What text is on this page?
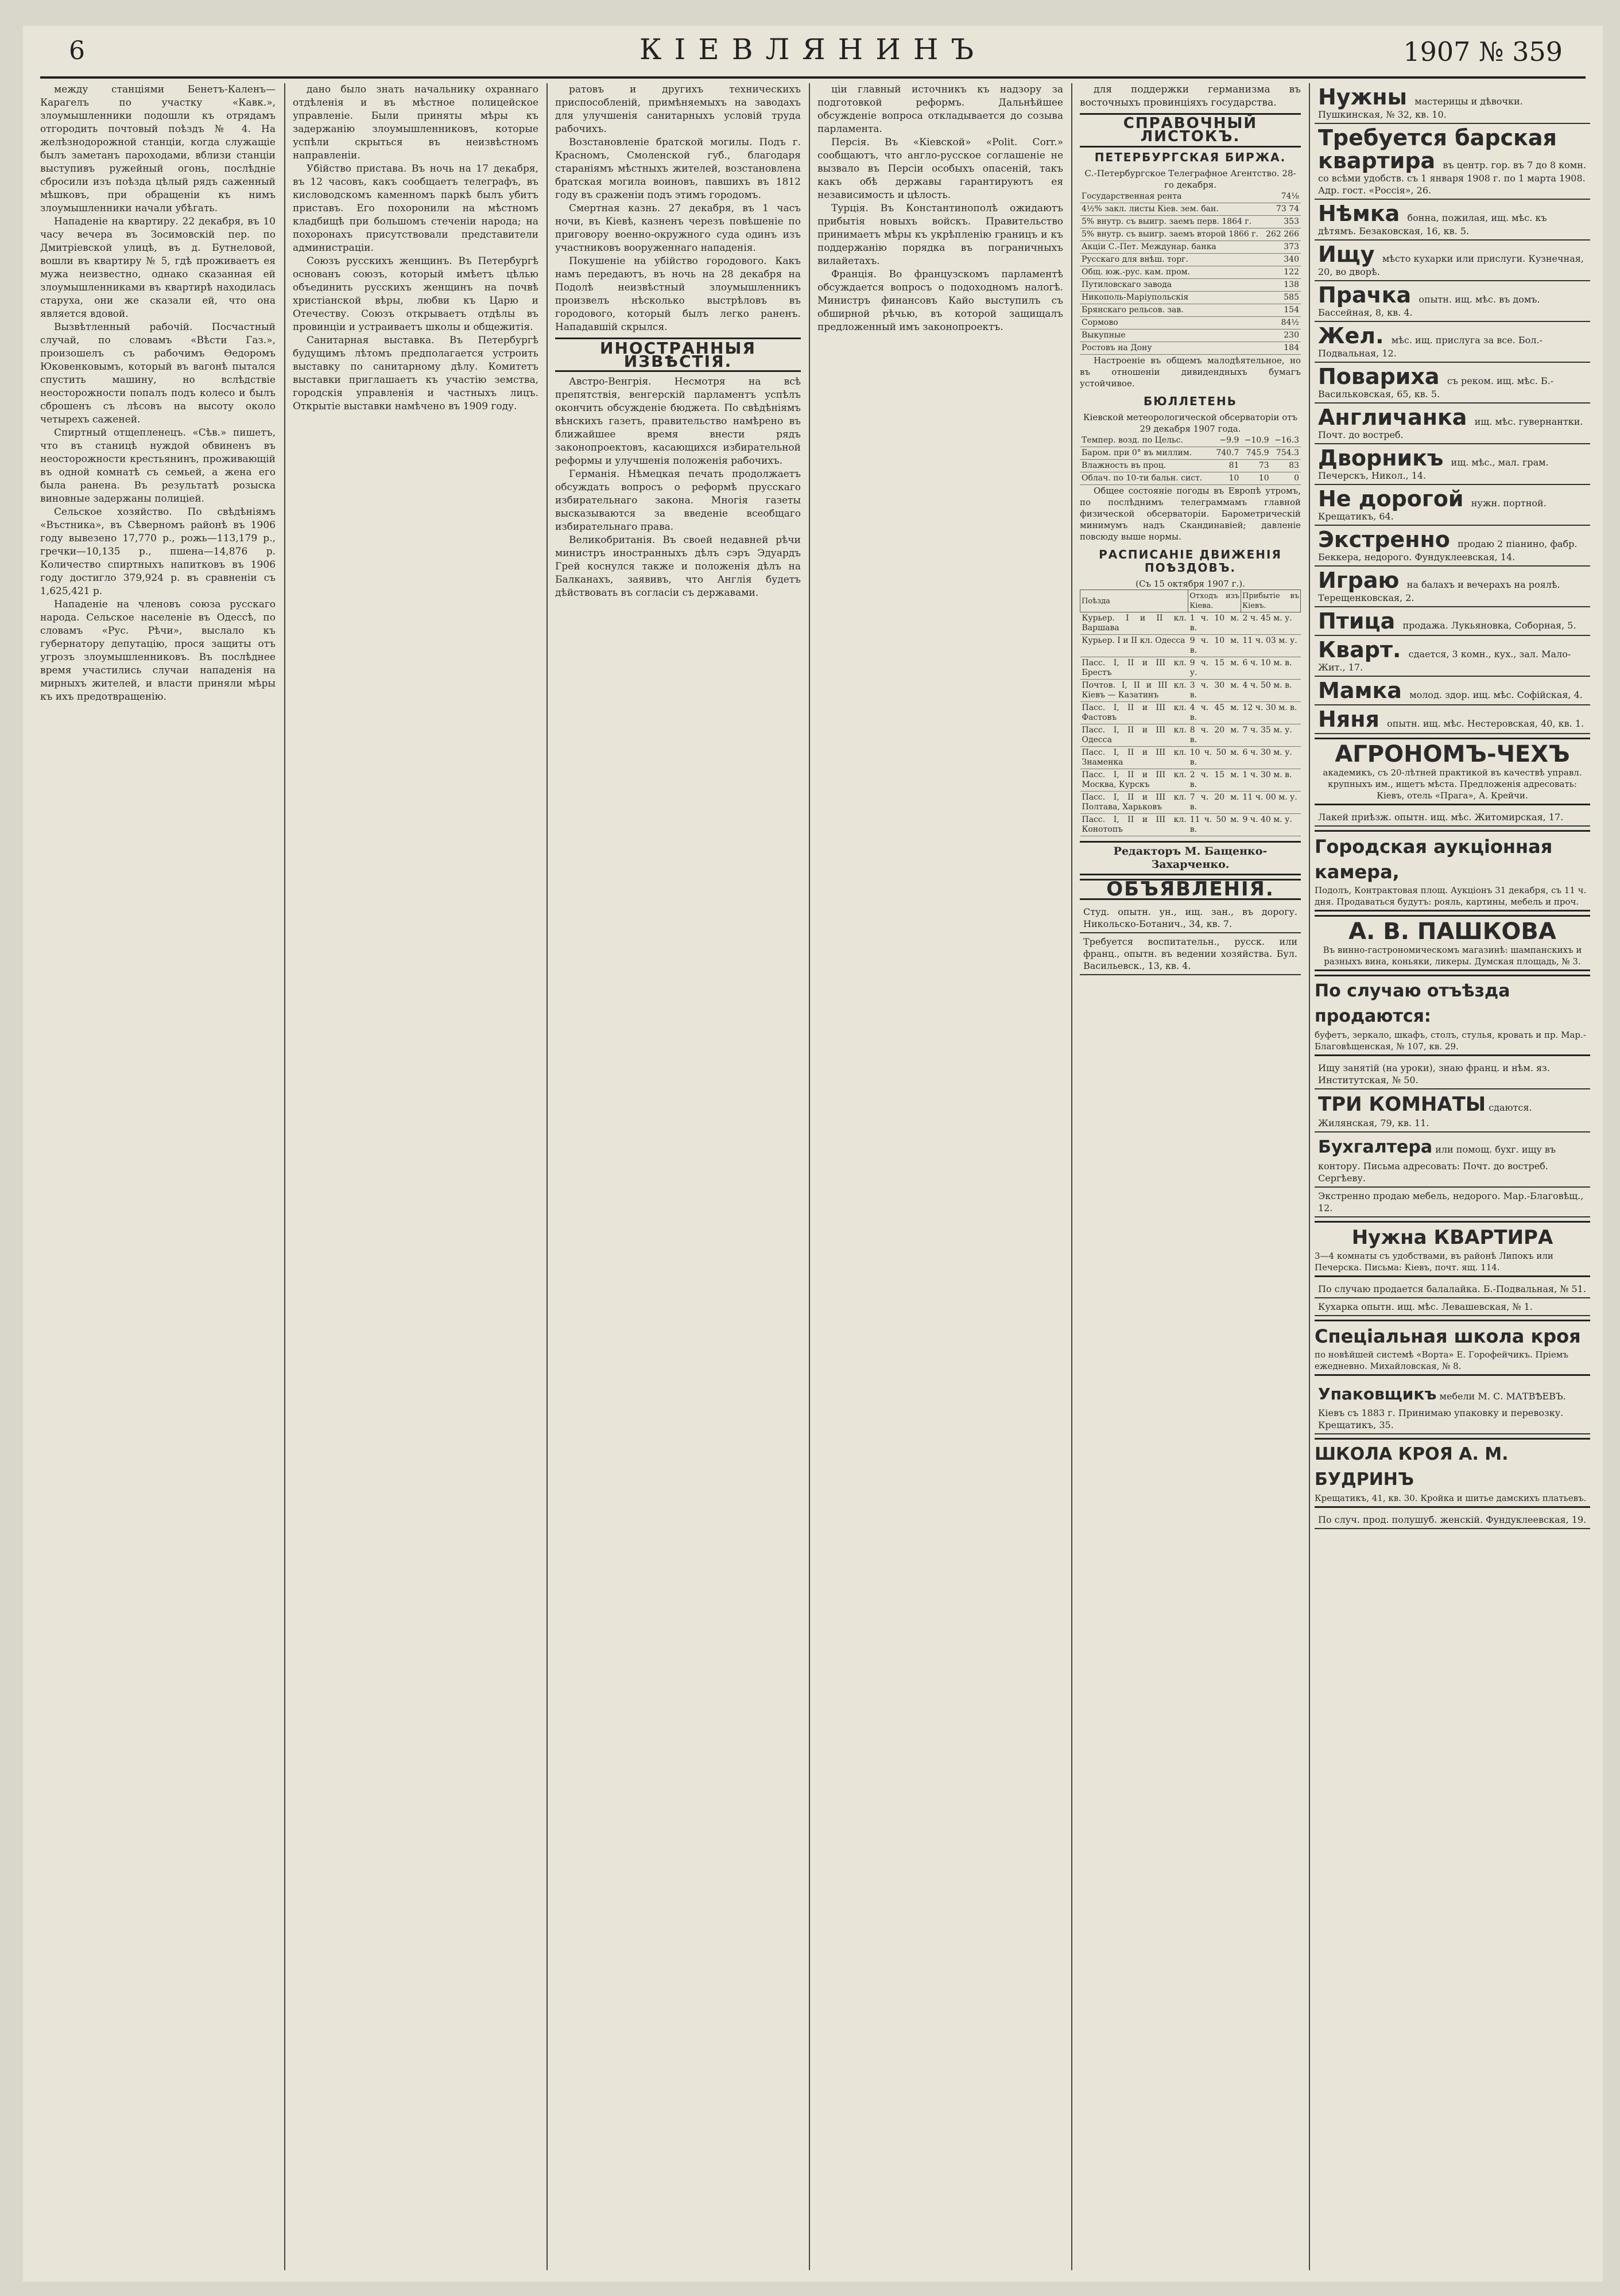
6	КІЕВЛЯНИНЪ	1907 № 359

между станціями Бенетъ-Каленъ—Карагелъ по участку «Кавк.», злоумышленники подошли къ отрядамъ отгородить почтовый поѣздъ № 4. На желѣзнодорожной станціи, когда служащіе былъ заметанъ пароходами, вблизи станціи выступивъ ружейный огонь, послѣдніе сбросили изъ поѣзда цѣлый рядъ саженный мѣшковъ, при обращеніи къ нимъ злоумышленники начали убѣгать.

Нападеніе на квартиру. 22 декабря, въ 10 часу вечера въ Зосимовскій пер. по Дмитріевской улицѣ, въ д. Бутнеловой, вошли въ квартиру № 5, гдѣ проживаетъ ея мужа неизвестно, однако сказанная ей злоумышленниками въ квартирѣ находилась старуха, они же сказали ей, что она является вдовой.

Вызвѣтленный рабочій. Посчастный случай, по словамъ «Вѣсти Газ.», произошелъ съ рабочимъ Ѳедоромъ Юковенковымъ, который въ вагонѣ пытался спустить машину, но вслѣдствіе неосторожности попалъ подъ колесо и былъ сброшенъ съ лѣсовъ на высоту около четырехъ саженей.

Спиртный отщепленецъ. «Сѣв.» пишетъ, что въ станицѣ нуждой обвиненъ въ неосторожности крестьянинъ, проживающій въ одной комнатѣ съ семьей, а жена его была ранена. Въ результатѣ розыска виновные задержаны полиціей.

Сельское хозяйство. По свѣдѣніямъ «Въстника», въ Сѣверномъ районѣ въ 1906 году вывезено 17,770 р., рожь—113,179 р., гречки—10,135 р., пшена—14,876 р. Количество спиртныхъ напитковъ въ 1906 году достигло 379,924 р. въ сравненіи съ 1,625,421 р.

Нападеніе на членовъ союза русскаго народа. Сельское населеніе въ Одессѣ, по словамъ «Рус. Рѣчи», выслало къ губернатору депутацію, прося защиты отъ угрозъ злоумышленниковъ. Въ послѣднее время участились случаи нападенія на мирныхъ жителей, и власти приняли мѣры къ ихъ предотвращенію.

дано было знать начальнику охраннаго отдѣленія и въ мѣстное полицейское управленіе. Были приняты мѣры къ задержанію злоумышленниковъ, которые успѣли скрыться въ неизвѣстномъ направленіи.

Убійство пристава. Въ ночь на 17 декабря, въ 12 часовъ, какъ сообщаетъ телеграфъ, въ кисловодскомъ каменномъ паркѣ былъ убитъ приставъ. Его похоронили на мѣстномъ кладбищѣ при большомъ стеченіи народа; на похоронахъ присутствовали представители администраціи.

Союзъ русскихъ женщинъ. Въ Петербургѣ основанъ союзъ, который имѣетъ цѣлью объединить русскихъ женщинъ на почвѣ христіанской вѣры, любви къ Царю и Отечеству. Союзъ открываетъ отдѣлы въ провинціи и устраиваетъ школы и общежитія.

Санитарная выставка. Въ Петербургѣ будущимъ лѣтомъ предполагается устроить выставку по санитарному дѣлу. Комитетъ выставки приглашаетъ къ участію земства, городскія управленія и частныхъ лицъ. Открытіе выставки намѣчено въ 1909 году.

ратовъ и другихъ техническихъ приспособленій, примѣняемыхъ на заводахъ для улучшенія санитарныхъ условій труда рабочихъ.

Возстановленіе братской могилы. Подъ г. Красномъ, Смоленской губ., благодаря стараніямъ мѣстныхъ жителей, возстановлена братская могила воиновъ, павшихъ въ 1812 году въ сраженіи подъ этимъ городомъ.

Смертная казнь. 27 декабря, въ 1 часъ ночи, въ Кіевѣ, казненъ черезъ повѣшеніе по приговору военно-окружного суда одинъ изъ участниковъ вооруженнаго нападенія.

Покушеніе на убійство городового. Какъ намъ передаютъ, въ ночь на 28 декабря на Подолѣ неизвѣстный злоумышленникъ произвелъ нѣсколько выстрѣловъ въ городового, который былъ легко раненъ. Нападавшій скрылся.

ИНОСТРАННЫЯ ИЗВѢСТІЯ.

Австро-Венгрія. Несмотря на всѣ препятствія, венгерскій парламентъ успѣлъ окончить обсужденіе бюджета. По свѣдѣніямъ вѣнскихъ газетъ, правительство намѣрено въ ближайшее время внести рядъ законопроектовъ, касающихся избирательной реформы и улучшенія положенія рабочихъ.

Германія. Нѣмецкая печать продолжаетъ обсуждать вопросъ о реформѣ прусскаго избирательнаго закона. Многія газеты высказываются за введеніе всеобщаго избирательнаго права.

Великобританія. Въ своей недавней рѣчи министръ иностранныхъ дѣлъ сэръ Эдуардъ Грей коснулся также и положенія дѣлъ на Балканахъ, заявивъ, что Англія будетъ дѣйствовать въ согласіи съ державами.

ціи главный источникъ къ надзору за подготовкой реформъ. Дальнѣйшее обсужденіе вопроса откладывается до созыва парламента.

Персія. Въ «Кіевской» «Polit. Corr.» сообщаютъ, что англо-русское соглашеніе не вызвало въ Персіи особыхъ опасеній, такъ какъ обѣ державы гарантируютъ ея независимость и цѣлость.

Турція. Въ Константинополѣ ожидаютъ прибытія новыхъ войскъ. Правительство принимаетъ мѣры къ укрѣпленію границъ и къ поддержанію порядка въ пограничныхъ вилайетахъ.

Франція. Во французскомъ парламентѣ обсуждается вопросъ о подоходномъ налогѣ. Министръ финансовъ Кайо выступилъ съ обширной рѣчью, въ которой защищалъ предложенный имъ законопроектъ.

для поддержки германизма въ восточныхъ провинціяхъ государства.

СПРАВОЧНЫЙ ЛИСТОКЪ.
ПЕТЕРБУРГСКАЯ БИРЖА.
С.-Петербургское Телеграфное Агентство. 28-го декабря.
Государственная рента	74⅛
4½% закл. листы Кіев. зем. бан.	73 74
5% внутр. съ выигр. заемъ перв. 1864 г.	353
5% внутр. съ выигр. заемъ второй 1866 г.	262 266
Акціи С.-Пет. Междунар. банка	373
Русскаго для внѣш. торг.	340
Общ. юж.-рус. кам. пром.	122
Путиловскаго завода	138
Никополь-Маріупольскія	585
Брянскаго рельсов. зав.	154
Сормово	84½
Выкупные	230
Ростовъ на Дону	184

Настроеніе въ общемъ малодѣятельное, но въ отношеніи дивидендныхъ бумагъ устойчивое.

БЮЛЛЕТЕНЬ
Кіевской метеорологической обсерваторіи отъ 29 декабря 1907 года.
Темпер. возд. по Цельс.	−9.9	−10.9	−16.3
Баром. при 0° въ миллим.	740.7	745.9	754.3
Влажность въ проц.	81	73	83
Облач. по 10-ти бальн. сист.	10	10	0

Общее состояніе погоды въ Европѣ утромъ, по послѣднимъ телеграммамъ главной физической обсерваторіи. Барометрическій минимумъ надъ Скандинавіей; давленіе повсюду выше нормы.

РАСПИСАНІЕ ДВИЖЕНІЯ ПОѢЗДОВЪ.
(Съ 15 октября 1907 г.).
Поѣзда	Отходъ изъ Кіева.	Прибытіе въ Кіевъ.
Курьер. I и II кл. Варшава	1 ч. 10 м. в.	2 ч. 45 м. у.
Курьер. I и II кл. Одесса	9 ч. 10 м. в.	11 ч. 03 м. у.
Пасс. I, II и III кл. Брестъ	9 ч. 15 м. у.	6 ч. 10 м. в.
Почтов. I, II и III кл. Кіевъ — Казатинъ	3 ч. 30 м. в.	4 ч. 50 м. в.
Пасс. I, II и III кл. Фастовъ	4 ч. 45 м. в.	12 ч. 30 м. в.
Пасс. I, II и III кл. Одесса	8 ч. 20 м. в.	7 ч. 35 м. у.
Пасс. I, II и III кл. Знаменка	10 ч. 50 м. в.	6 ч. 30 м. у.
Пасс. I, II и III кл. Москва, Курскъ	2 ч. 15 м. в.	1 ч. 30 м. в.
Пасс. I, II и III кл. Полтава, Харьковъ	7 ч. 20 м. в.	11 ч. 00 м. у.
Пасс. I, II и III кл. Конотопъ	11 ч. 50 м. в.	9 ч. 40 м. у.
Редакторъ М. Бащенко-Захарченко.
ОБЪЯВЛЕНІЯ.
Студ. опытн. ун., ищ. зан., въ дорогу. Никольско-Ботанич., 34, кв. 7.
Требуется воспитательн., русск. или франц., опытн. въ ведении хозяйства. Бул. Васильевск., 13, кв. 4.
Нужны мастерицы и дѣвочки. Пушкинская, № 32, кв. 10.
Требуется барская квартира въ центр. гор. въ 7 до 8 комн. со всѣми удобств. съ 1 января 1908 г. по 1 марта 1908. Адр. гост. «Россія», 26.
Нѣмка бонна, пожилая, ищ. мѣс. къ дѣтямъ. Безаковская, 16, кв. 5.
Ищу мѣсто кухарки или прислуги. Кузнечная, 20, во дворѣ.
Прачка опытн. ищ. мѣс. въ домъ. Бассейная, 8, кв. 4.
Жел. мѣс. ищ. прислуга за все. Бол.-Подвальная, 12.
Повариха съ реком. ищ. мѣс. Б.-Васильковская, 65, кв. 5.
Англичанка ищ. мѣс. гувернантки. Почт. до востреб.
Дворникъ ищ. мѣс., мал. грам. Печерскъ, Никол., 14.
Не дорогой нужн. портной. Крещатикъ, 64.
Экстренно продаю 2 піанино, фабр. Беккера, недорого. Фундуклеевская, 14.
Играю на балахъ и вечерахъ на роялѣ. Терещенковская, 2.
Птица продажа. Лукьяновка, Соборная, 5.
Кварт. сдается, 3 комн., кух., зал. Мало-Жит., 17.
Мамка молод. здор. ищ. мѣс. Софійская, 4.
Няня опытн. ищ. мѣс. Нестеровская, 40, кв. 1.
АГРОНОМЪ-ЧЕХЪ
академикъ, съ 20-лѣтней практикой въ качествѣ управл. крупныхъ им., ищетъ мѣста. Предложенія адресовать: Кіевъ, отель «Прага», А. Крейчи.
Лакей приѣзж. опытн. ищ. мѣс. Житомирская, 17.
Городская аукціонная камера,
Подолъ, Контрактовая площ. Аукціонъ 31 декабря, съ 11 ч. дня. Продаваться будутъ: рояль, картины, мебель и проч.
А. В. ПАШКОВА
Въ винно-гастрономическомъ магазинѣ: шампанскихъ и разныхъ вина, коньяки, ликеры. Думская площадь, № 3.
По случаю отъѣзда продаются:
буфетъ, зеркало, шкафъ, столъ, стулья, кровать и пр. Мар.-Благовѣщенская, № 107, кв. 29.
Ищу занятій (на уроки), знаю франц. и нѣм. яз. Институтская, № 50.
ТРИ КОМНАТЫ сдаются. Жилянская, 79, кв. 11.
Бухгалтера или помощ. бухг. ищу въ контору. Письма адресовать: Почт. до востреб. Сергѣеву.
Экстренно продаю мебель, недорого. Мар.-Благовѣщ., 12.
Нужна КВАРТИРА
3—4 комнаты съ удобствами, въ районѣ Липокъ или Печерска. Письма: Кіевъ, почт. ящ. 114.
По случаю продается балалайка. Б.-Подвальная, № 51.
Кухарка опытн. ищ. мѣс. Левашевская, № 1.
Спеціальная школа кроя
по новѣйшей системѣ «Ворта» Е. Горофейчикъ. Пріемъ ежедневно. Михайловская, № 8.
Упаковщикъ мебели М. С. МАТВѢЕВЪ. Кіевъ съ 1883 г. Принимаю упаковку и перевозку. Крещатикъ, 35.
ШКОЛА КРОЯ А. М. БУДРИНЪ
Крещатикъ, 41, кв. 30. Кройка и шитье дамскихъ платьевъ.
По случ. прод. полушуб. женскій. Фундуклеевская, 19.
